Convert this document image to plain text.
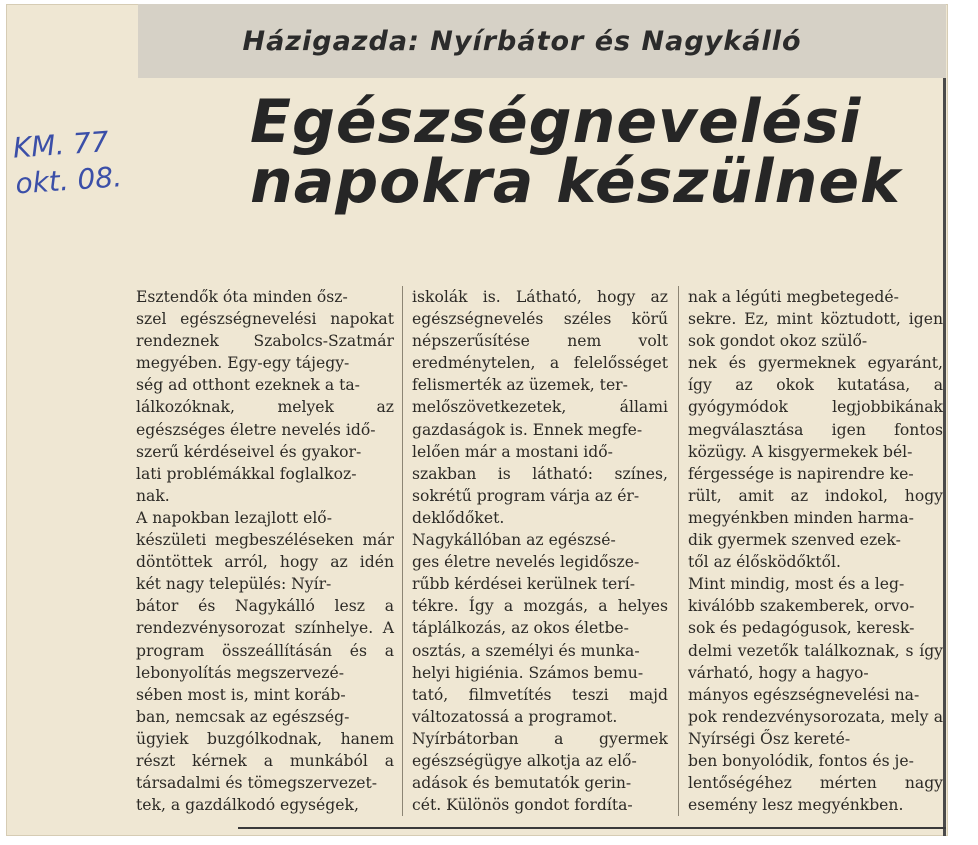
Házigazda: Nyírbátor és Nagykálló
KM. 77
okt. 08.
Egészségnevelési
napokra készülnek
Esztendők óta minden ősz-
szel egészségnevelési napokat rendeznek Szabolcs-Szatmár megyében. Egy-egy tájegy-
ség ad otthont ezeknek a ta-
lálkozóknak, melyek az egészséges életre nevelés idő-
szerű kérdéseivel és gyakor-
lati problémákkal foglalkoz-
nak.
A napokban lezajlott elő-
készületi megbeszéléseken már döntöttek arról, hogy az idén két nagy település: Nyír-
bátor és Nagykálló lesz a rendezvénysorozat színhelye. A program összeállításán és a lebonyolítás megszervezé-
sében most is, mint koráb-
ban, nemcsak az egészség-
ügyiek buzgólkodnak, hanem részt kérnek a munkából a társadalmi és tömegszervezet-
tek, a gazdálkodó egységek,
iskolák is. Látható, hogy az egészségnevelés széles körű népszerűsítése nem volt eredménytelen, a felelősséget felismerték az üzemek, ter-
melőszövetkezetek, állami gazdaságok is. Ennek megfe-
lelően már a mostani idő-
szakban is látható: színes, sokrétű program várja az ér-
deklődőket.
Nagykállóban az egészsé-
ges életre nevelés legidősze-
rűbb kérdései kerülnek terí-
tékre. Így a mozgás, a helyes táplálkozás, az okos életbe-
osztás, a személyi és munka-
helyi higiénia. Számos bemu-
tató, filmvetítés teszi majd változatossá a programot.
Nyírbátorban a gyermek egészségügye alkotja az elő-
adások és bemutatók gerin-
cét. Különös gondot fordíta-
nak a légúti megbetegedé-
sekre. Ez, mint köztudott, igen sok gondot okoz szülő-
nek és gyermeknek egyaránt, így az okok kutatása, a gyógymódok legjobbikának megválasztása igen fontos közügy. A kisgyermekek bél-
férgessége is napirendre ke-
rült, amit az indokol, hogy megyénkben minden harma-
dik gyermek szenved ezek-
től az élősködőktől.
Mint mindig, most és a leg-
kiválóbb szakemberek, orvo-
sok és pedagógusok, keresk-
delmi vezetők találkoznak, s így várható, hogy a hagyo-
mányos egészségnevelési na-
pok rendezvénysorozata, mely a Nyírségi Ősz kereté-
ben bonyolódik, fontos és je-
lentőségéhez mérten nagy esemény lesz megyénkben.
